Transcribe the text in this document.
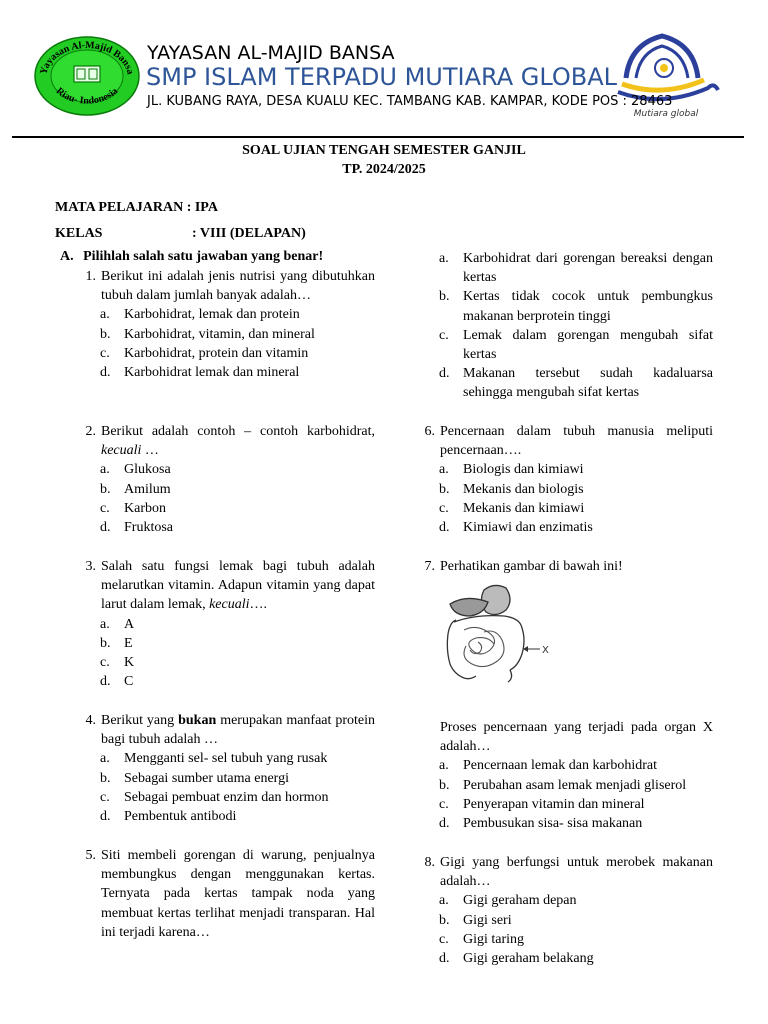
Yayasan Al-Majid Bansa
Riau- Indonesia
Mutiara global
YAYASAN AL-MAJID BANSA
SMP ISLAM TERPADU MUTIARA GLOBAL
JL. KUBANG RAYA, DESA KUALU KEC. TAMBANG KAB. KAMPAR, KODE POS : 28463
SOAL UJIAN TENGAH SEMESTER GANJIL
TP. 2024/2025
MATA PELAJARAN : IPA
KELAS	: VIII (DELAPAN)
A. Pilihlah salah satu jawaban yang benar!
1. Berikut ini adalah jenis nutrisi yang dibutuhkan tubuh dalam jumlah banyak adalah…
a. Karbohidrat, lemak dan protein
b. Karbohidrat, vitamin, dan mineral
c. Karbohidrat, protein dan vitamin
d. Karbohidrat lemak dan mineral
2. Berikut adalah contoh – contoh karbohidrat, kecuali …
a. Glukosa
b. Amilum
c. Karbon
d. Fruktosa
3. Salah satu fungsi lemak bagi tubuh adalah melarutkan vitamin. Adapun vitamin yang dapat larut dalam lemak, kecuali….
a. A
b. E
c. K
d. C
4. Berikut yang bukan merupakan manfaat protein bagi tubuh adalah …
a. Mengganti sel- sel tubuh yang rusak
b. Sebagai sumber utama energi
c. Sebagai pembuat enzim dan hormon
d. Pembentuk antibodi
5. Siti membeli gorengan di warung, penjualnya membungkus dengan menggunakan kertas. Ternyata pada kertas tampak noda yang membuat kertas terlihat menjadi transparan. Hal ini terjadi karena…
a. Karbohidrat dari gorengan bereaksi dengan kertas
b. Kertas tidak cocok untuk pembungkus makanan berprotein tinggi
c. Lemak dalam gorengan mengubah sifat kertas
d. Makanan tersebut sudah kadaluarsa sehingga mengubah sifat kertas
6. Pencernaan dalam tubuh manusia meliputi pencernaan….
a. Biologis dan kimiawi
b. Mekanis dan biologis
c. Mekanis dan kimiawi
d. Kimiawi dan enzimatis
7. Perhatikan gambar di bawah ini!
X
Proses pencernaan yang terjadi pada organ X adalah…
a. Pencernaan lemak dan karbohidrat
b. Perubahan asam lemak menjadi gliserol
c. Penyerapan vitamin dan mineral
d. Pembusukan sisa- sisa makanan
8. Gigi yang berfungsi untuk merobek makanan adalah…
a. Gigi geraham depan
b. Gigi seri
c. Gigi taring
d. Gigi geraham belakang
